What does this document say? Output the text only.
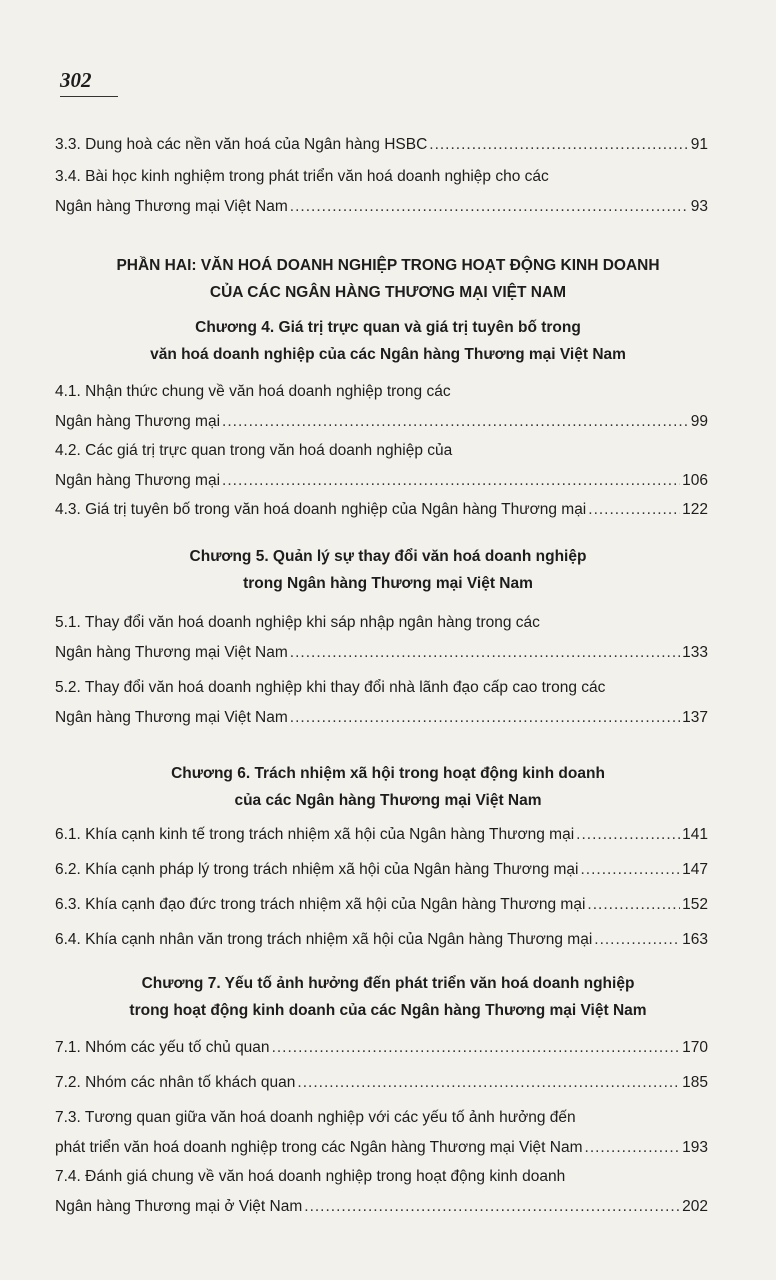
302
3.3. Dung hoà các nền văn hoá của Ngân hàng HSBC .....	91
3.4. Bài học kinh nghiệm trong phát triển văn hoá doanh nghiệp cho các
Ngân hàng Thương mại Việt Nam .....	93
PHẦN HAI: VĂN HOÁ DOANH NGHIỆP TRONG HOẠT ĐỘNG KINH DOANH
CỦA CÁC NGÂN HÀNG THƯƠNG MẠI VIỆT NAM
Chương 4. Giá trị trực quan và giá trị tuyên bố trong
văn hoá doanh nghiệp của các Ngân hàng Thương mại Việt Nam
4.1. Nhận thức chung về văn hoá doanh nghiệp trong các
Ngân hàng Thương mại .....	99
4.2. Các giá trị trực quan trong văn hoá doanh nghiệp của
Ngân hàng Thương mại .....	106
4.3. Giá trị tuyên bố trong văn hoá doanh nghiệp của Ngân hàng Thương mại .....	122
Chương 5. Quản lý sự thay đổi văn hoá doanh nghiệp
trong Ngân hàng Thương mại Việt Nam
5.1. Thay đổi văn hoá doanh nghiệp khi sáp nhập ngân hàng trong các
Ngân hàng Thương mại Việt Nam .....	133
5.2. Thay đổi văn hoá doanh nghiệp khi thay đổi nhà lãnh đạo cấp cao trong các
Ngân hàng Thương mại Việt Nam .....	137
Chương 6. Trách nhiệm xã hội trong hoạt động kinh doanh
của các Ngân hàng Thương mại Việt Nam
6.1. Khía cạnh kinh tế trong trách nhiệm xã hội của Ngân hàng Thương mại .....	141
6.2. Khía cạnh pháp lý trong trách nhiệm xã hội của Ngân hàng Thương mại .....	147
6.3. Khía cạnh đạo đức trong trách nhiệm xã hội của Ngân hàng Thương mại .....	152
6.4. Khía cạnh nhân văn trong trách nhiệm xã hội của Ngân hàng Thương mại .....	163
Chương 7. Yếu tố ảnh hưởng đến phát triển văn hoá doanh nghiệp
trong hoạt động kinh doanh của các Ngân hàng Thương mại Việt Nam
7.1. Nhóm các yếu tố chủ quan .....	170
7.2. Nhóm các nhân tố khách quan .....	185
7.3. Tương quan giữa văn hoá doanh nghiệp với các yếu tố ảnh hưởng đến
phát triển văn hoá doanh nghiệp trong các Ngân hàng Thương mại Việt Nam .....	193
7.4. Đánh giá chung về văn hoá doanh nghiệp trong hoạt động kinh doanh
Ngân hàng Thương mại ở Việt Nam .....	202
